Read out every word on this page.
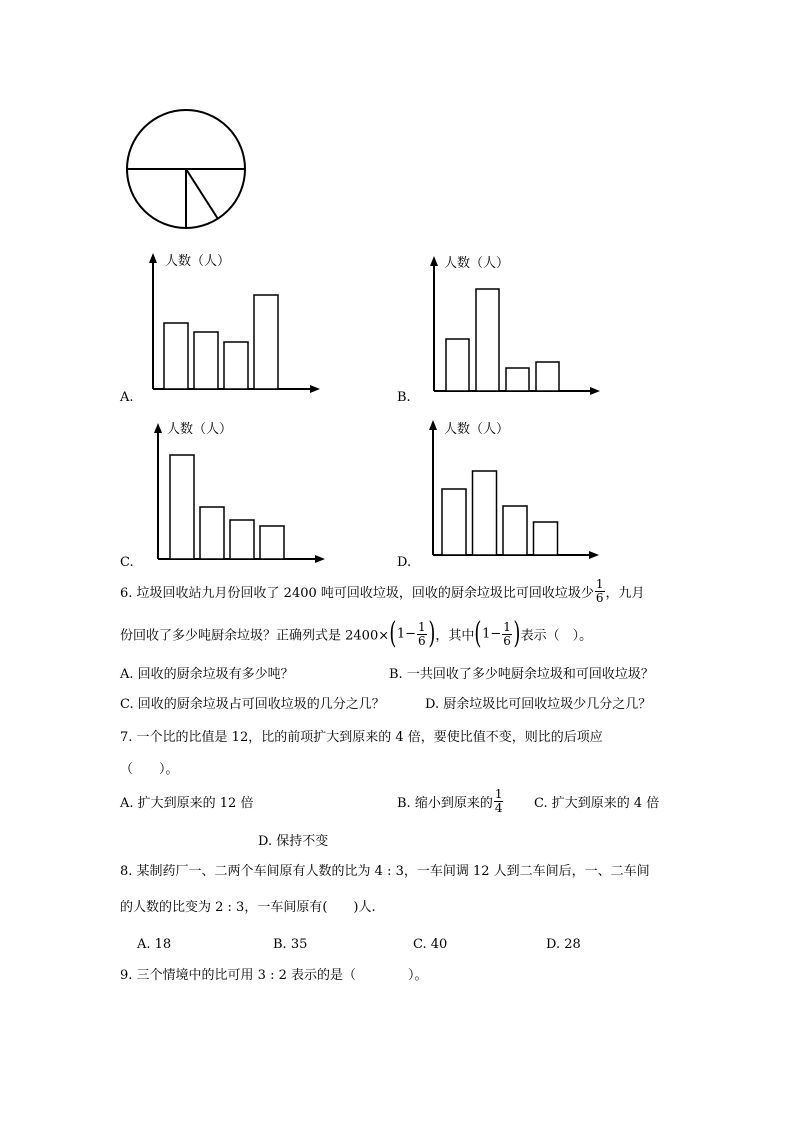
人数（人）	人数（人）
人数（人）	人数（人）
A.	B.
C.	D.
6. 垃圾回收站九月份回收了 2400 吨可回收垃圾，回收的厨余垃圾比可回收垃圾少 $\frac{1}{6}$ ，九月
份回收了多少吨厨余垃圾？正确列式是 $2400\times(1- \frac{1}{6}$ )，其中($1- \frac{1}{6}$ )表示（　）。
A. 回收的厨余垃圾有多少吨？	B. 一共回收了多少吨厨余垃圾和可回收垃圾？
C. 回收的厨余垃圾占可回收垃圾的几分之几？	D. 厨余垃圾比可回收垃圾少几分之几？
7. 一个比的比值是 12，比的前项扩大到原来的 4 倍，要使比值不变，则比的后项应
（　　）。
A. 扩大到原来的 12 倍	B. 缩小到原来的 $\frac{1}{4} C$. 扩大到原来的 4 倍
D. 保持不变
8. 某制药厂一、二两个车间原有人数的比为 4 : 3，一车间调 12 人到二车间后，一、二车间
的人数的比变为 2 : 3，一车间原有(　　)人.
A. 18	B. 35	C. 40	D. 28
9. 三个情境中的比可用 3 : 2 表示的是（　　　　）。
